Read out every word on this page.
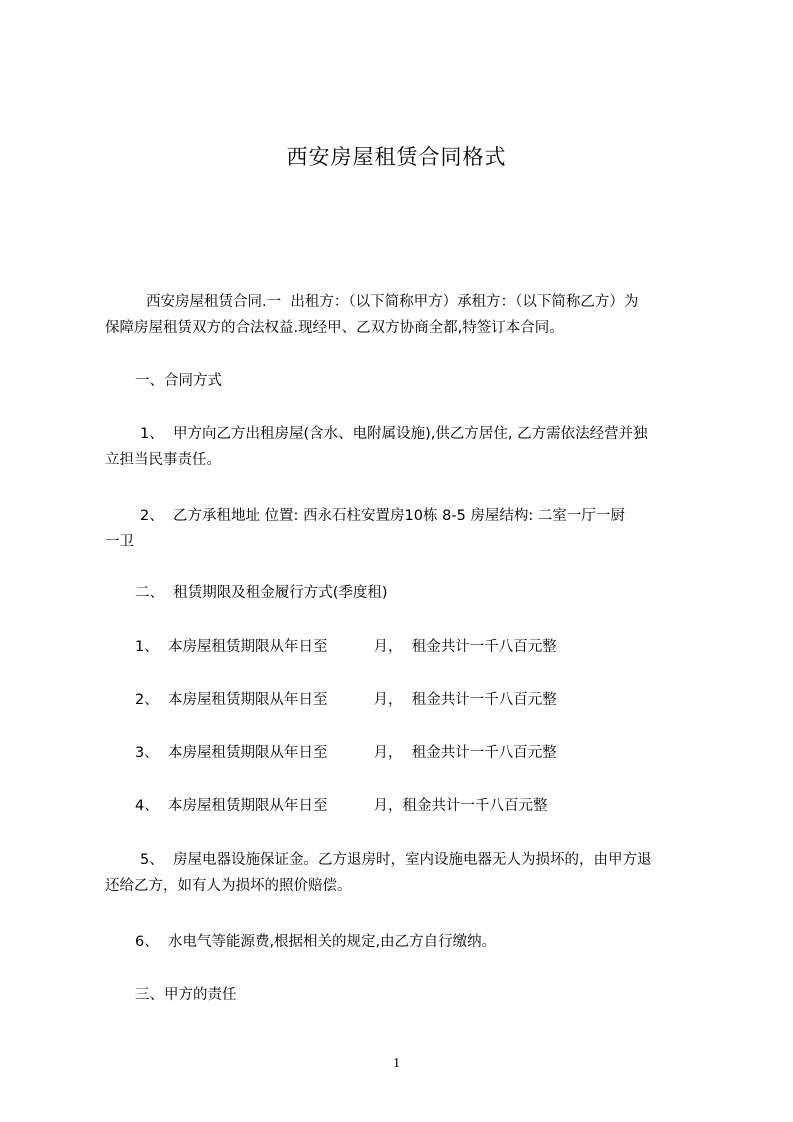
西安房屋租赁合同格式
西安房屋租赁合同.一  出租方：（以下简称甲方）承租方：（以下简称乙方）为
保障房屋租赁双方的合法权益.现经甲、乙双方协商全都,特签订本合同。
一、合同方式
1、  甲方向乙方出租房屋(含水、电附属设施),供乙方居住, 乙方需依法经营并独
立担当民事责任。
2、  乙方承租地址 位置: 西永石柱安置房10栋 8-5 房屋结构: 二室一厅一厨
一卫
二、  租赁期限及租金履行方式(季度租)
1、  本房屋租赁期限从年日至          月，  租金共计一千八百元整
2、  本房屋租赁期限从年日至          月，  租金共计一千八百元整
3、  本房屋租赁期限从年日至          月，  租金共计一千八百元整
4、  本房屋租赁期限从年日至          月，租金共计一千八百元整
5、  房屋电器设施保证金。乙方退房时，室内设施电器无人为损坏的，由甲方退
还给乙方，如有人为损坏的照价赔偿。
6、  水电气等能源费,根据相关的规定,由乙方自行缴纳。
三、甲方的责任
1
